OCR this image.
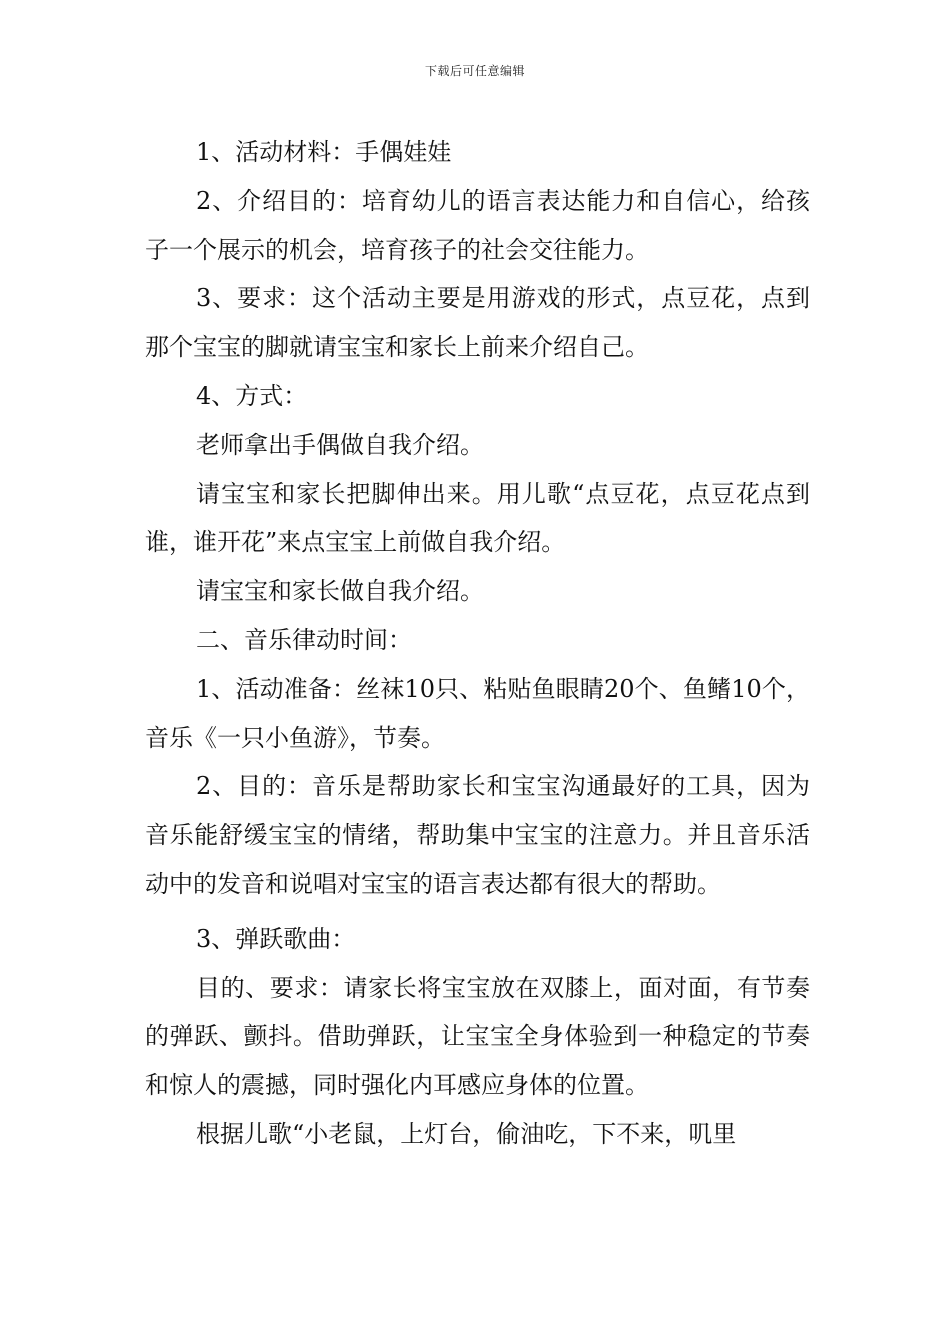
下载后可任意编辑

1、活动材料：手偶娃娃

2、介绍目的：培育幼儿的语言表达能力和自信心，给孩子一个展示的机会，培育孩子的社会交往能力。

3、要求：这个活动主要是用游戏的形式，点豆花，点到那个宝宝的脚就请宝宝和家长上前来介绍自己。

4、方式：

老师拿出手偶做自我介绍。

请宝宝和家长把脚伸出来。用儿歌“点豆花，点豆花点到谁，谁开花”来点宝宝上前做自我介绍。

请宝宝和家长做自我介绍。

二、音乐律动时间：

1、活动准备：丝袜10只、粘贴鱼眼睛20个、鱼鳍10个，音乐《一只小鱼游》，节奏。

2、目的：音乐是帮助家长和宝宝沟通最好的工具，因为音乐能舒缓宝宝的情绪，帮助集中宝宝的注意力。并且音乐活动中的发音和说唱对宝宝的语言表达都有很大的帮助。

3、弹跃歌曲：

目的、要求：请家长将宝宝放在双膝上，面对面，有节奏的弹跃、颤抖。借助弹跃，让宝宝全身体验到一种稳定的节奏和惊人的震撼，同时强化内耳感应身体的位置。

根据儿歌“小老鼠，上灯台，偷油吃，下不来，叽里
